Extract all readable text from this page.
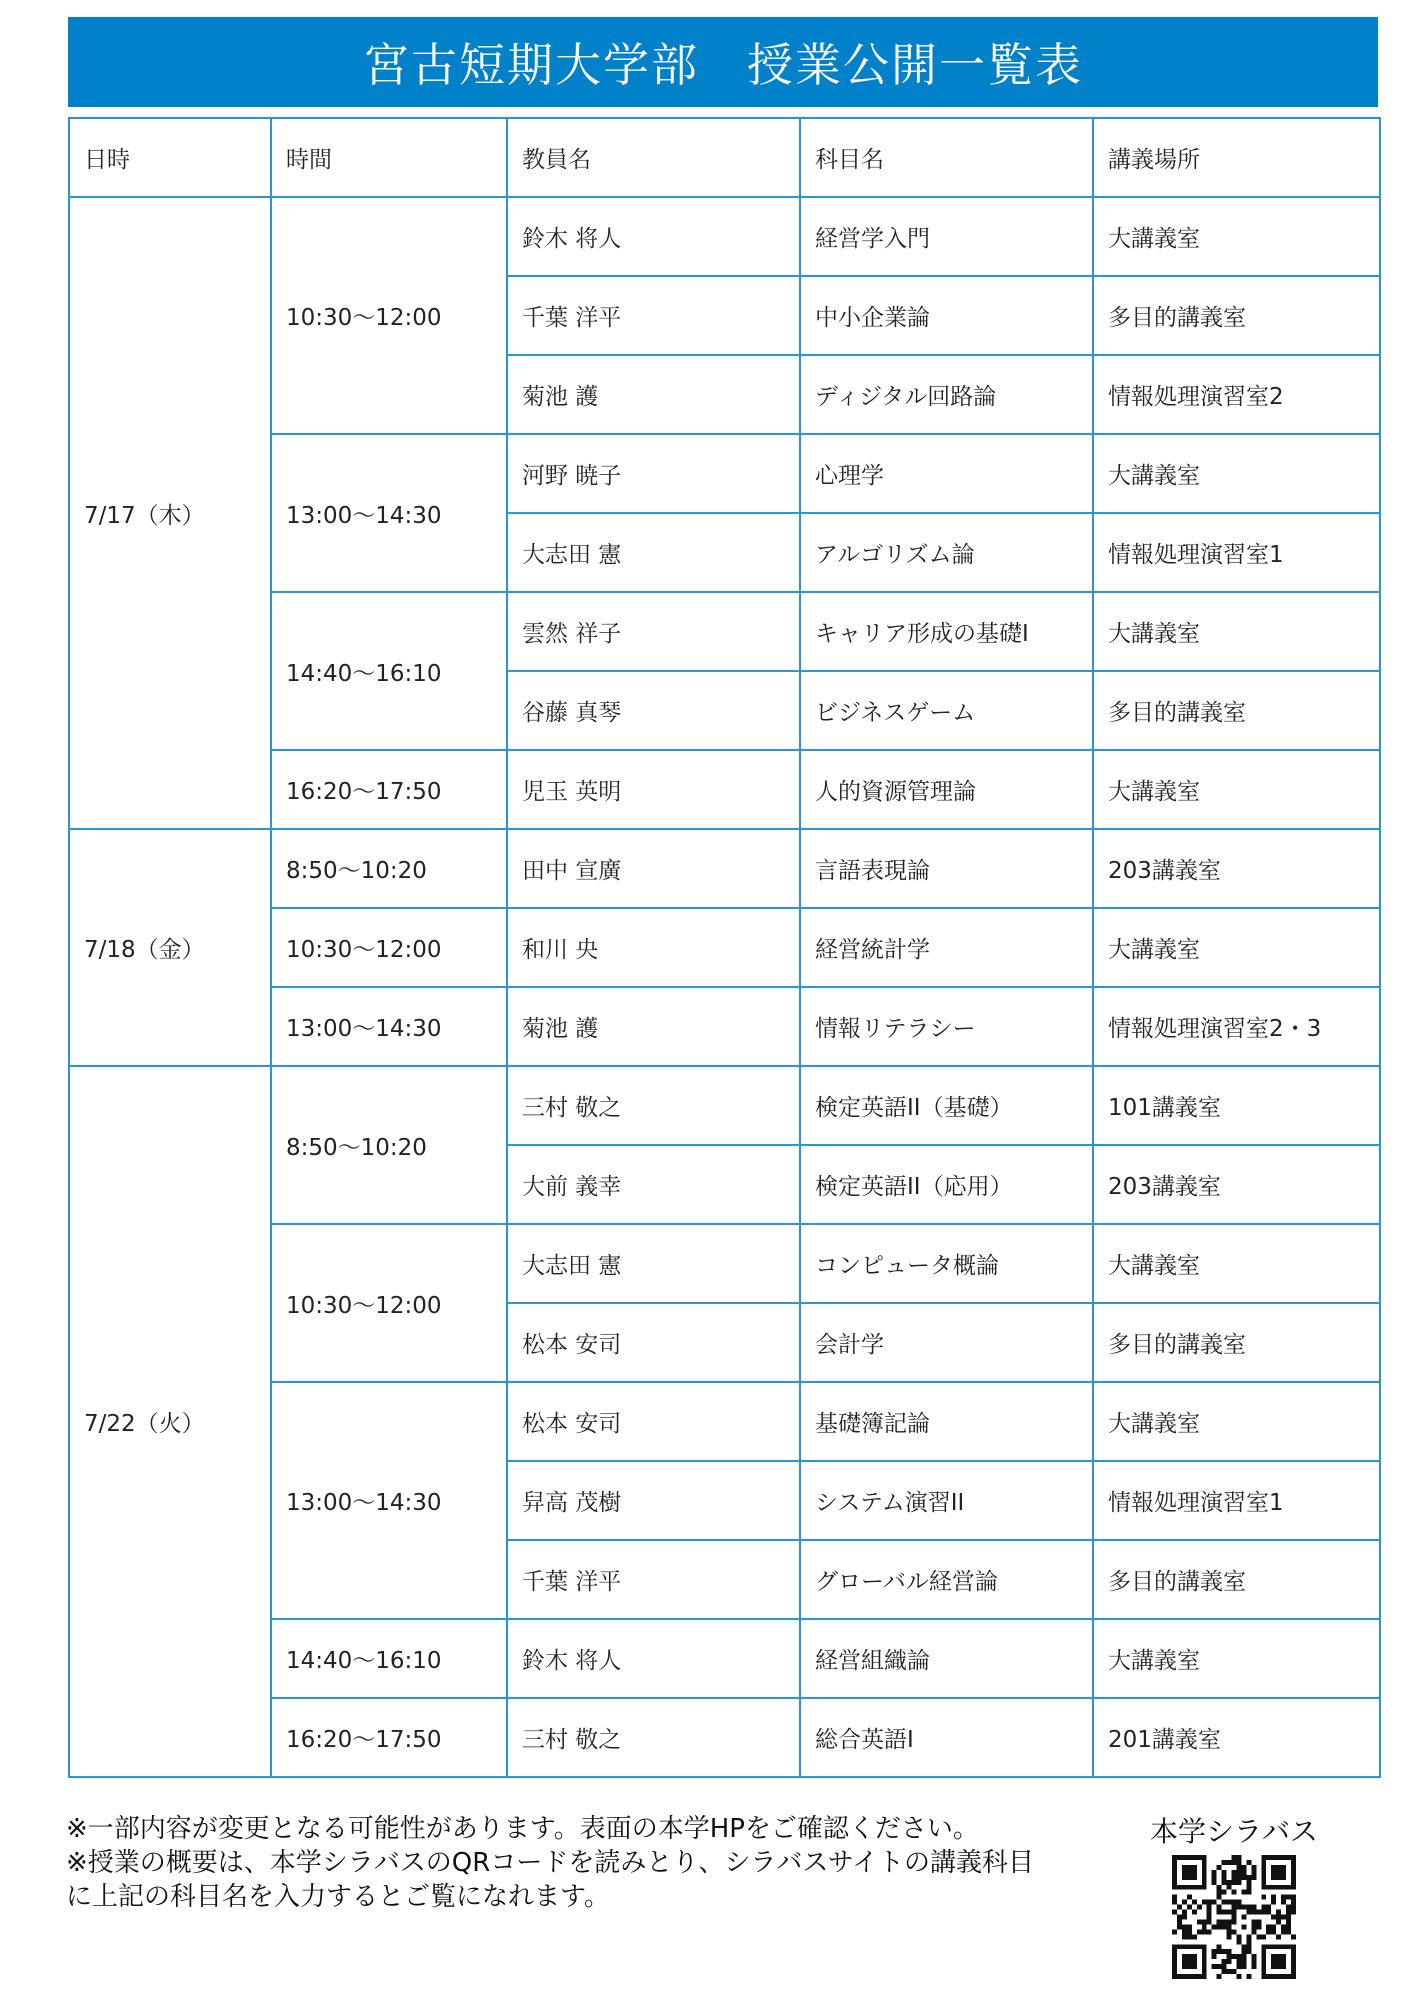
宮古短期大学部　授業公開一覧表
日時	時間	教員名	科目名	講義場所
7/17（木）	10:30〜12:00	鈴木 将人	経営学入門	大講義室
		千葉 洋平	中小企業論	多目的講義室
		菊池 護	ディジタル回路論	情報処理演習室2
	13:00〜14:30	河野 暁子	心理学	大講義室
		大志田 憲	アルゴリズム論	情報処理演習室1
	14:40〜16:10	雲然 祥子	キャリア形成の基礎I	大講義室
		谷藤 真琴	ビジネスゲーム	多目的講義室
	16:20〜17:50	児玉 英明	人的資源管理論	大講義室
7/18（金）	8:50〜10:20	田中 宣廣	言語表現論	203講義室
	10:30〜12:00	和川 央	経営統計学	大講義室
	13:00〜14:30	菊池 護	情報リテラシー	情報処理演習室2・3
7/22（火）	8:50〜10:20	三村 敬之	検定英語II（基礎）	101講義室
		大前 義幸	検定英語II（応用）	203講義室
	10:30〜12:00	大志田 憲	コンピュータ概論	大講義室
		松本 安司	会計学	多目的講義室
	13:00〜14:30	松本 安司	基礎簿記論	大講義室
		舁高 茂樹	システム演習II	情報処理演習室1
		千葉 洋平	グローバル経営論	多目的講義室
	14:40〜16:10	鈴木 将人	経営組織論	大講義室
	16:20〜17:50	三村 敬之	総合英語I	201講義室
※一部内容が変更となる可能性があります。表面の本学HPをご確認ください。
※授業の概要は、本学シラバスのQRコードを読みとり、シラバスサイトの講義科目
に上記の科目名を入力するとご覧になれます。
本学シラバス
